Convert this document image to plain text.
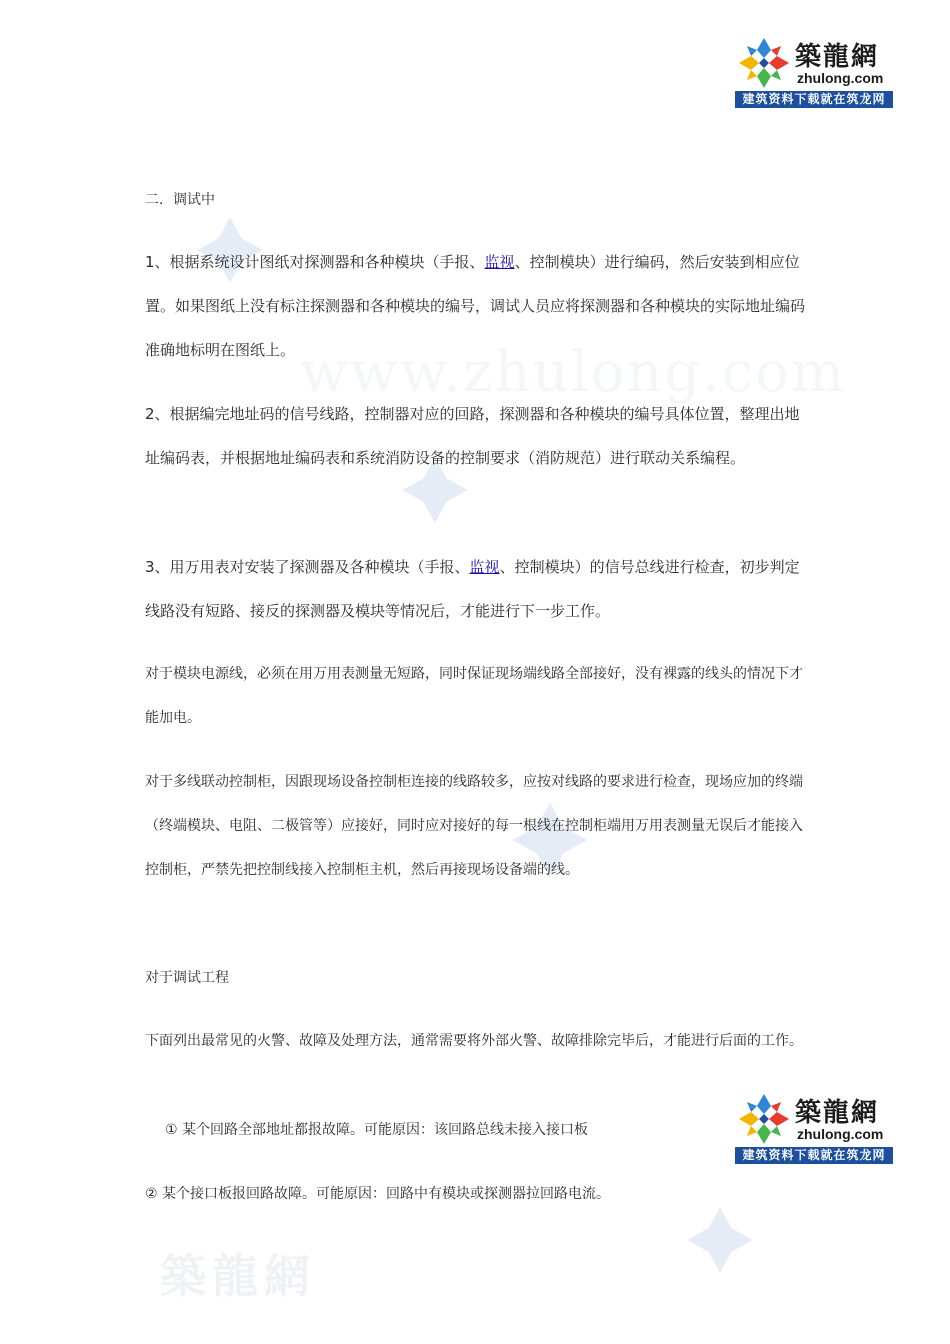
www.zhulong.com
築龍網
築龍網
zhulong.com
建筑资料下载就在筑龙网

二．调试中

1、根据系统设计图纸对探测器和各种模块（手报、监视、控制模块）进行编码，然后安装到相应位置。如果图纸上没有标注探测器和各种模块的编号，调试人员应将探测器和各种模块的实际地址编码准确地标明在图纸上。

2、根据编完地址码的信号线路，控制器对应的回路，探测器和各种模块的编号具体位置，整理出地址编码表，并根据地址编码表和系统消防设备的控制要求（消防规范）进行联动关系编程。

3、用万用表对安装了探测器及各种模块（手报、监视、控制模块）的信号总线进行检查，初步判定线路没有短路、接反的探测器及模块等情况后，才能进行下一步工作。

对于模块电源线，必须在用万用表测量无短路，同时保证现场端线路全部接好，没有裸露的线头的情况下才能加电。

对于多线联动控制柜，因跟现场设备控制柜连接的线路较多，应按对线路的要求进行检查，现场应加的终端（终端模块、电阻、二极管等）应接好，同时应对接好的每一根线在控制柜端用万用表测量无误后才能接入控制柜，严禁先把控制线接入控制柜主机，然后再接现场设备端的线。

对于调试工程

下面列出最常见的火警、故障及处理方法，通常需要将外部火警、故障排除完毕后，才能进行后面的工作。

① 某个回路全部地址都报故障。可能原因：该回路总线未接入接口板

② 某个接口板报回路故障。可能原因：回路中有模块或探测器拉回路电流。

築龍網
zhulong.com
建筑资料下载就在筑龙网
